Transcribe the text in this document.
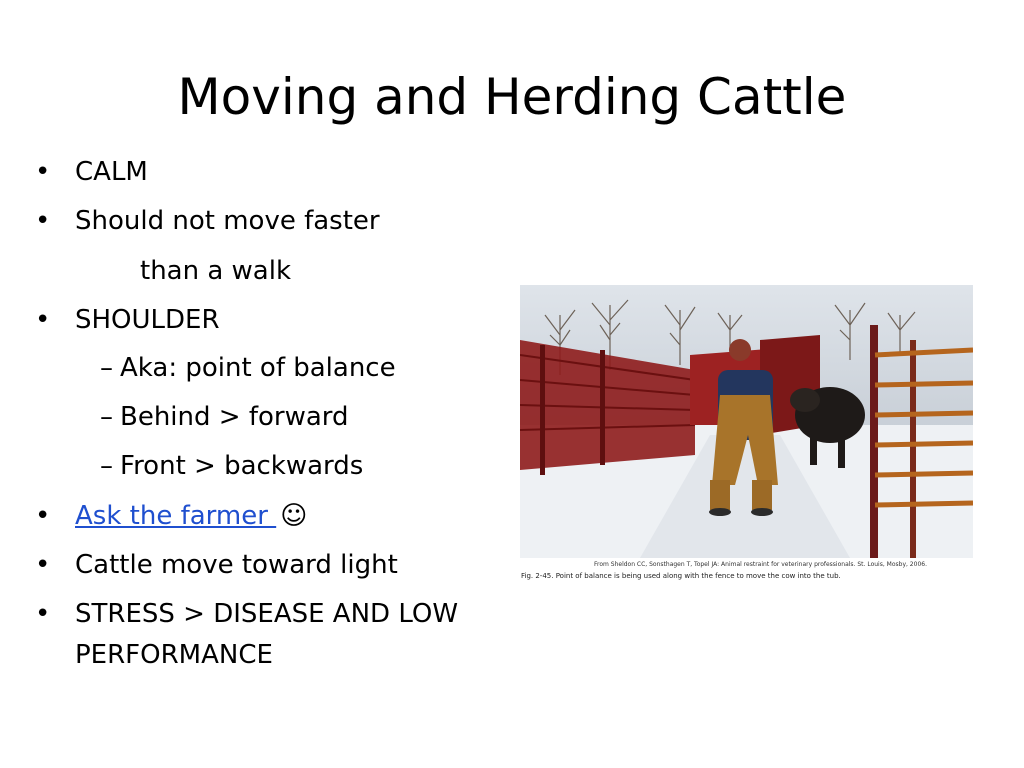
Moving and Herding Cattle
• CALM
• Should not move faster
than a walk
• SHOULDER
– Aka: point of balance
– Behind > forward
– Front > backwards
• Ask the farmer ☺
• Cattle move toward light
• STRESS > DISEASE AND LOW
PERFORMANCE
From Sheldon CC, Sonsthagen T, Topel JA: Animal restraint for veterinary professionals. St. Louis, Mosby, 2006.
Fig. 2-45. Point of balance is being used along with the fence to move the cow into the tub.
